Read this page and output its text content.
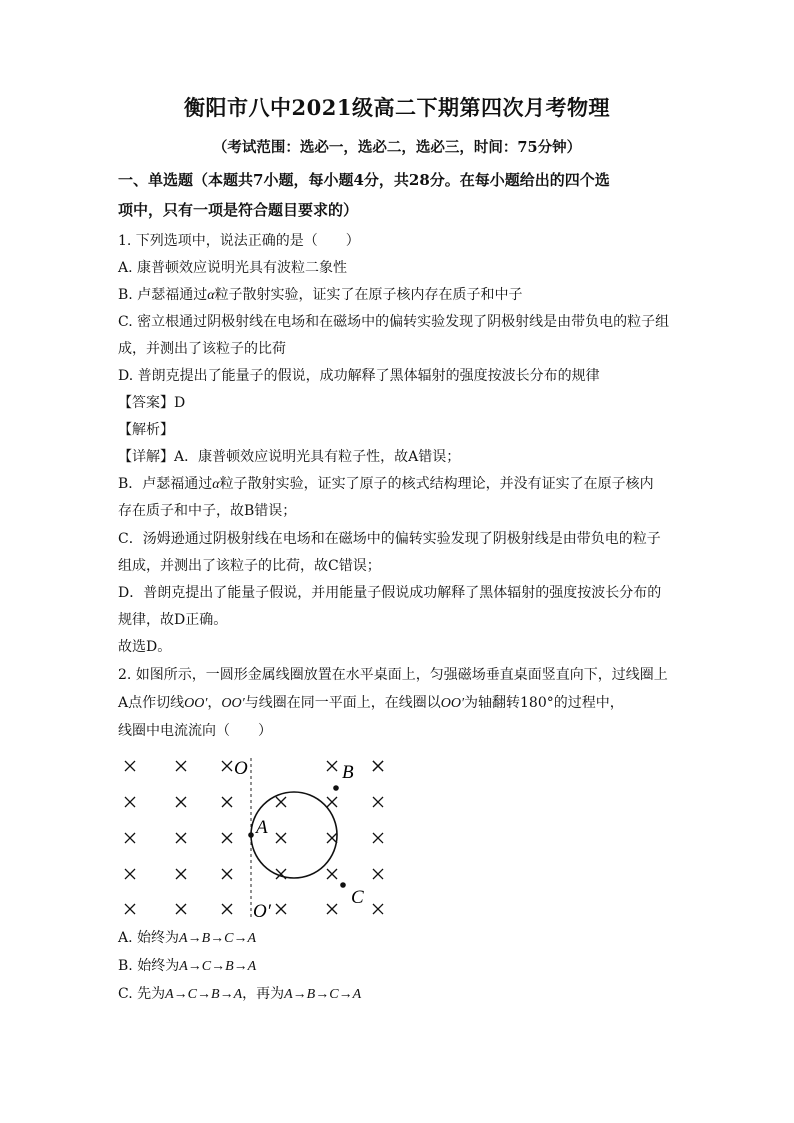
衡阳市八中2021级高二下期第四次月考物理
（考试范围：选必一，选必二，选必三，时间：75分钟）
一、单选题（本题共7小题，每小题4分，共28分。在每小题给出的四个选
项中，只有一项是符合题目要求的）
1. 下列选项中，说法正确的是（　　）
A. 康普顿效应说明光具有波粒二象性
B. 卢瑟福通过α粒子散射实验，证实了在原子核内存在质子和中子
C. 密立根通过阴极射线在电场和在磁场中的偏转实验发现了阴极射线是由带负电的粒子组
成，并测出了该粒子的比荷
D. 普朗克提出了能量子的假说，成功解释了黑体辐射的强度按波长分布的规律
【答案】D
【解析】
【详解】A．康普顿效应说明光具有粒子性，故A错误；
B．卢瑟福通过α粒子散射实验，证实了原子的核式结构理论，并没有证实了在原子核内
存在质子和中子，故B错误；
C．汤姆逊通过阴极射线在电场和在磁场中的偏转实验发现了阴极射线是由带负电的粒子
组成，并测出了该粒子的比荷，故C错误；
D．普朗克提出了能量子假说，并用能量子假说成功解释了黑体辐射的强度按波长分布的
规律，故D正确。
故选D。
2. 如图所示，一圆形金属线圈放置在水平桌面上，匀强磁场垂直桌面竖直向下，过线圈上
A点作切线OO′，OO′与线圈在同一平面上，在线圈以OO′为轴翻转180°的过程中，
线圈中电流流向（　　）
O
O′
A
B
C
A. 始终为A→B→C→A
B. 始终为A→C→B→A
C. 先为A→C→B→A，再为A→B→C→A
